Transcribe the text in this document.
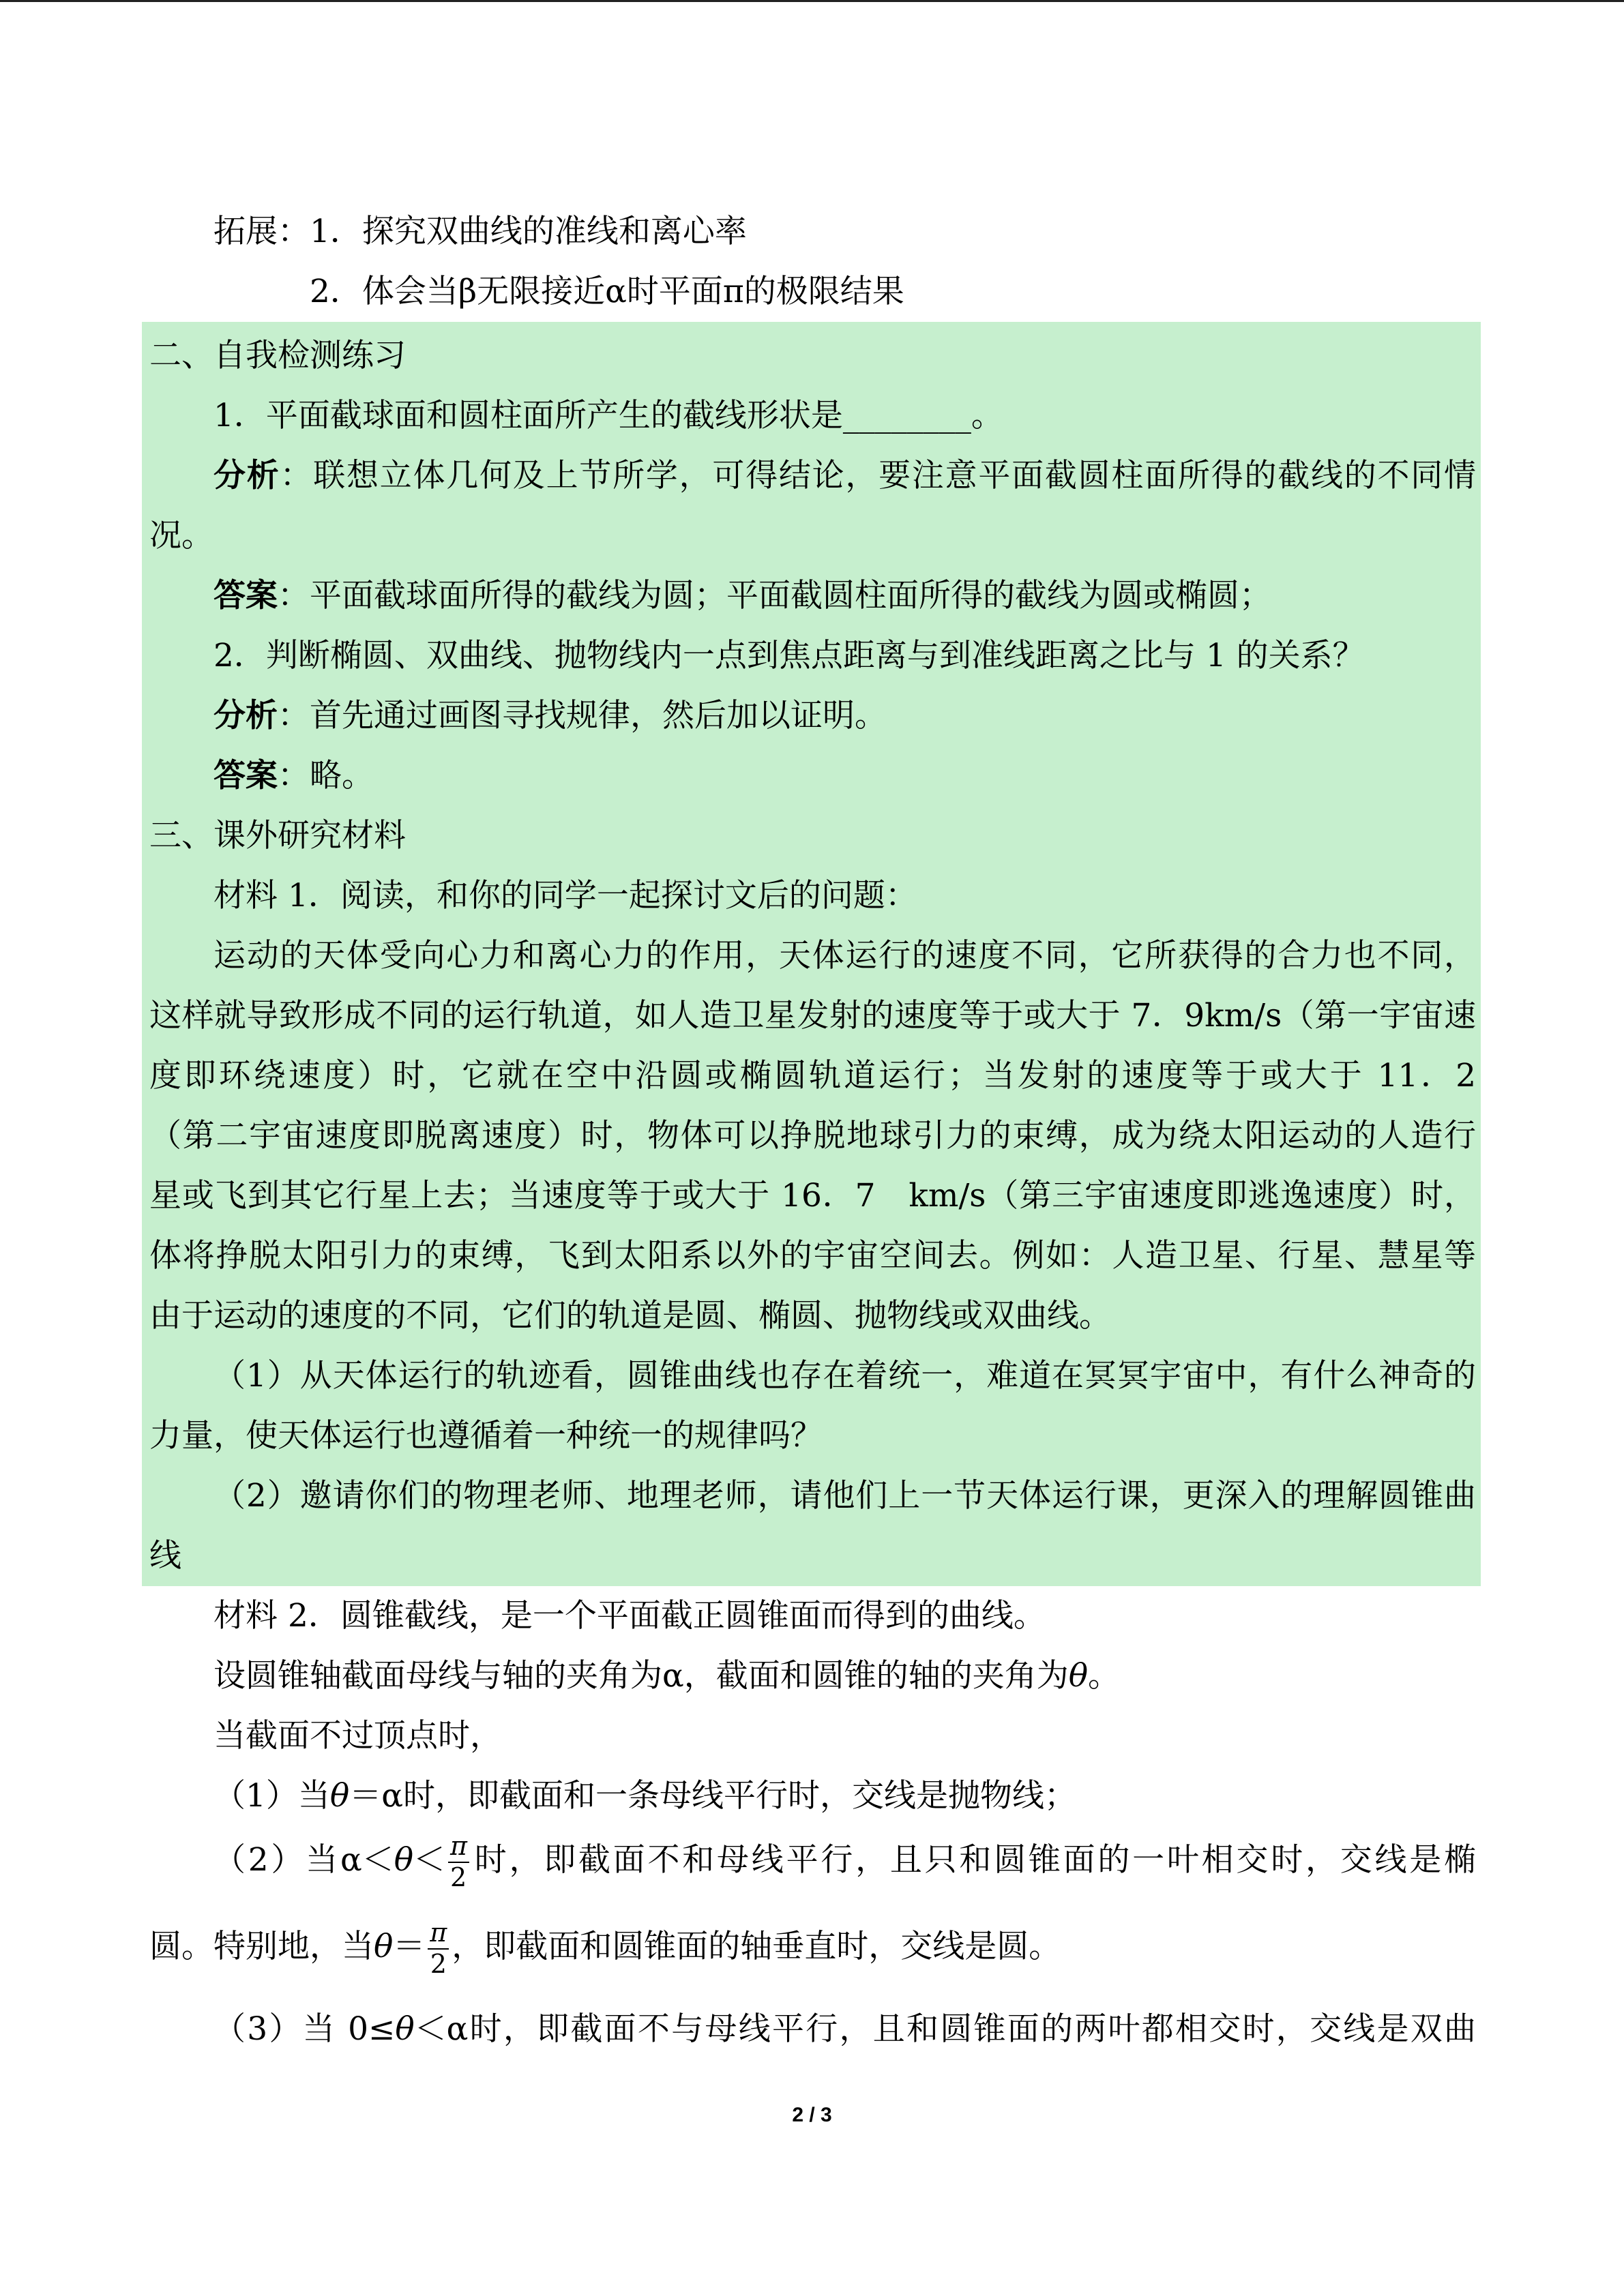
拓展：1．探究双曲线的准线和离心率
2．体会当β无限接近α时平面π的极限结果
二、自我检测练习
1．平面截球面和圆柱面所产生的截线形状是________。
分析：联想立体几何及上节所学，可得结论，要注意平面截圆柱面所得的截线的不同情
况。
答案：平面截球面所得的截线为圆；平面截圆柱面所得的截线为圆或椭圆；
2．判断椭圆、双曲线、抛物线内一点到焦点距离与到准线距离之比与 1 的关系？
分析：首先通过画图寻找规律，然后加以证明。
答案：略。
三、课外研究材料
材料 1．阅读，和你的同学一起探讨文后的问题：
运动的天体受向心力和离心力的作用，天体运行的速度不同，它所获得的合力也不同，
这样就导致形成不同的运行轨道，如人造卫星发射的速度等于或大于 7．9km/s（第一宇宙速
度即环绕速度）时，它就在空中沿圆或椭圆轨道运行；当发射的速度等于或大于 11．2　
（第二宇宙速度即脱离速度）时，物体可以挣脱地球引力的束缚，成为绕太阳运动的人造行
星或飞到其它行星上去；当速度等于或大于 16．7　km/s（第三宇宙速度即逃逸速度）时，
体将挣脱太阳引力的束缚，飞到太阳系以外的宇宙空间去。例如：人造卫星、行星、慧星等
由于运动的速度的不同，它们的轨道是圆、椭圆、抛物线或双曲线。
（1）从天体运行的轨迹看，圆锥曲线也存在着统一，难道在冥冥宇宙中，有什么神奇的
力量，使天体运行也遵循着一种统一的规律吗？
（2）邀请你们的物理老师、地理老师，请他们上一节天体运行课，更深入的理解圆锥曲
线
材料 2．圆锥截线，是一个平面截正圆锥面而得到的曲线。
设圆锥轴截面母线与轴的夹角为α，截面和圆锥的轴的夹角为θ。
当截面不过顶点时，
（1）当θ＝α时，即截面和一条母线平行时，交线是抛物线；
（2）当$\alpha<\theta< \frac{\pi}{2}$ 时，即截面不和母线平行，且只和圆锥面的一叶相交时，交线是椭
圆。特别地，当$\theta= \frac{\pi}{2}$ ，即截面和圆锥面的轴垂直时，交线是圆。
（3）当 0≤θ＜α时，即截面不与母线平行，且和圆锥面的两叶都相交时，交线是双曲
2 / 3
